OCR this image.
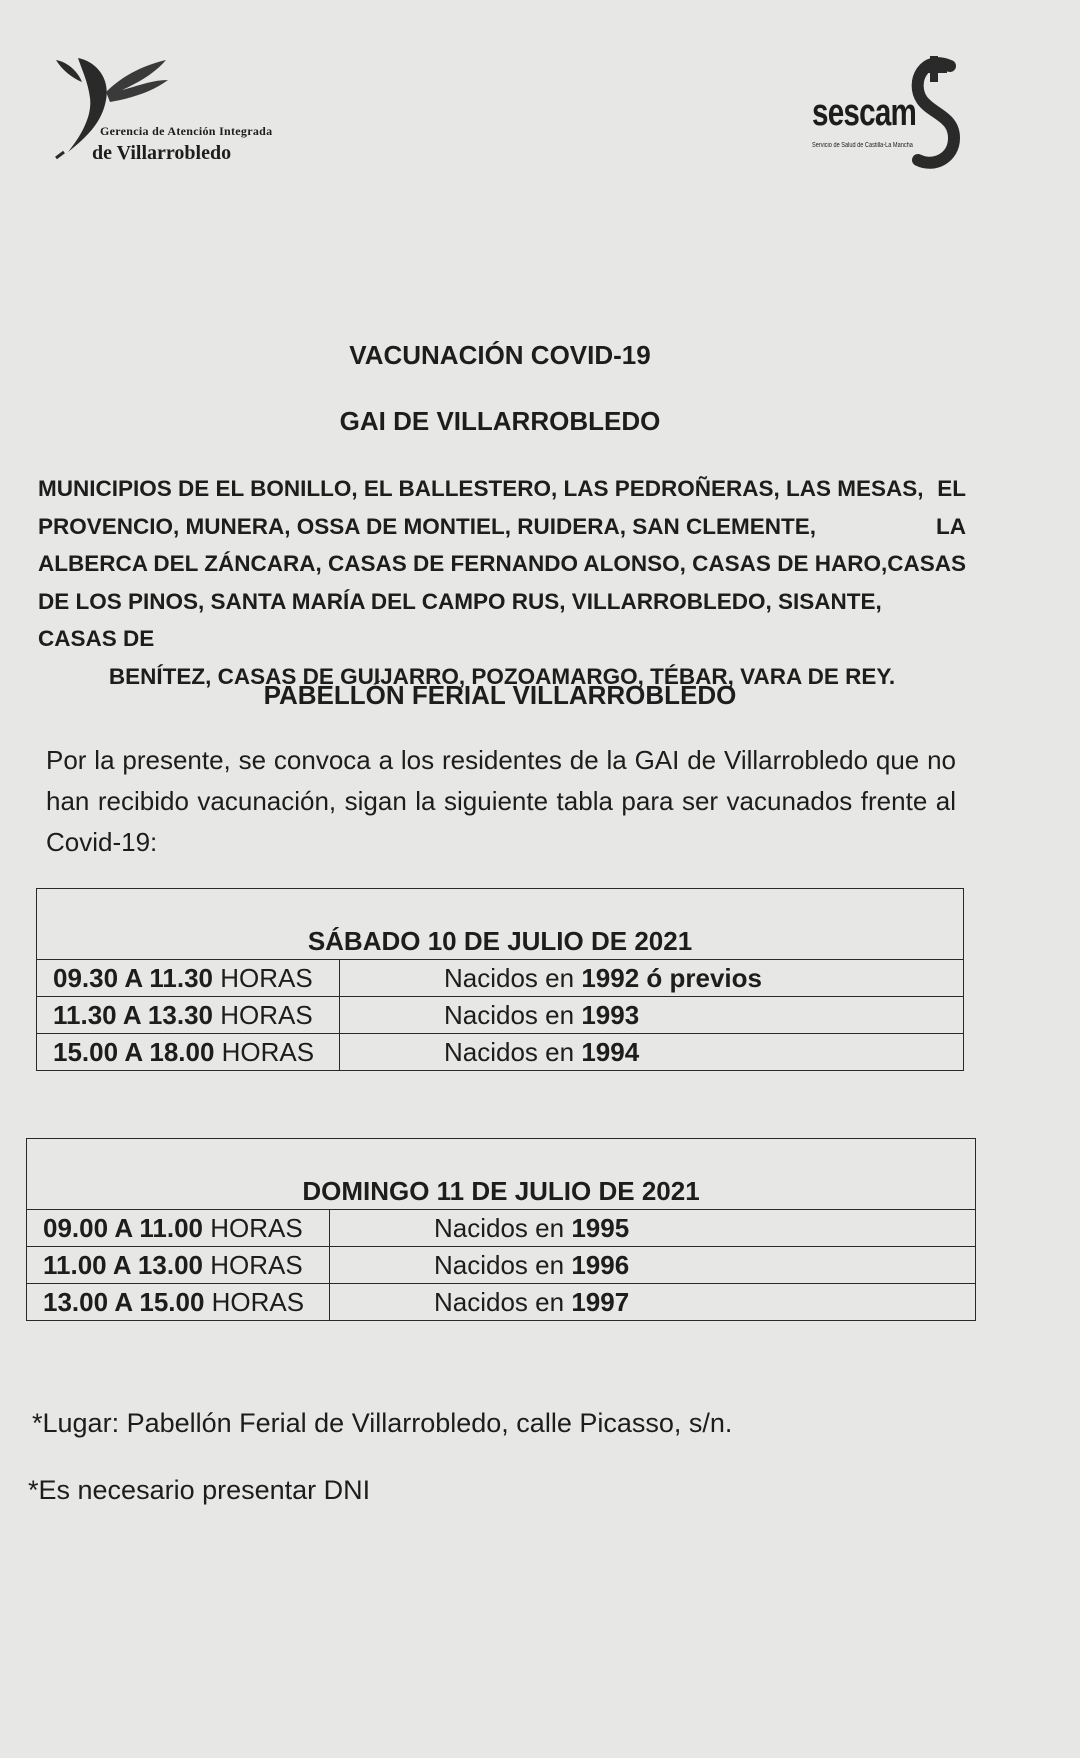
Gerencia de Atención Integrada
de Villarrobledo
sescam
Servicio de Salud de Castilla-La Mancha
VACUNACIÓN COVID-19
GAI DE VILLARROBLEDO
MUNICIPIOS DE EL BONILLO, EL BALLESTERO, LAS PEDROÑERAS, LAS MESAS, EL
PROVENCIO, MUNERA, OSSA DE MONTIEL, RUIDERA, SAN CLEMENTE,	LA
ALBERCA DEL ZÁNCARA, CASAS DE FERNANDO ALONSO, CASAS DE HARO, CASAS
DE LOS PINOS, SANTA MARÍA DEL CAMPO RUS, VILLARROBLEDO, SISANTE, CASAS DE
BENÍTEZ, CASAS DE GUIJARRO, POZOAMARGO, TÉBAR, VARA DE REY.
PABELLÓN FERIAL VILLARROBLEDO
Por la presente, se convoca a los residentes de la GAI de Villarrobledo que no han recibido vacunación, sigan la siguiente tabla para ser vacunados frente al Covid-19:
SÁBADO 10 DE JULIO DE 2021	
09.30 A 11.30 HORAS	Nacidos en 1992 ó previos
11.30 A 13.30 HORAS	Nacidos en 1993
15.00 A 18.00 HORAS	Nacidos en 1994
DOMINGO 11 DE JULIO DE 2021	
09.00 A 11.00 HORAS	Nacidos en 1995
11.00 A 13.00 HORAS	Nacidos en 1996
13.00 A 15.00 HORAS	Nacidos en 1997
*Lugar: Pabellón Ferial de Villarrobledo, calle Picasso, s/n.
*Es necesario presentar DNI
